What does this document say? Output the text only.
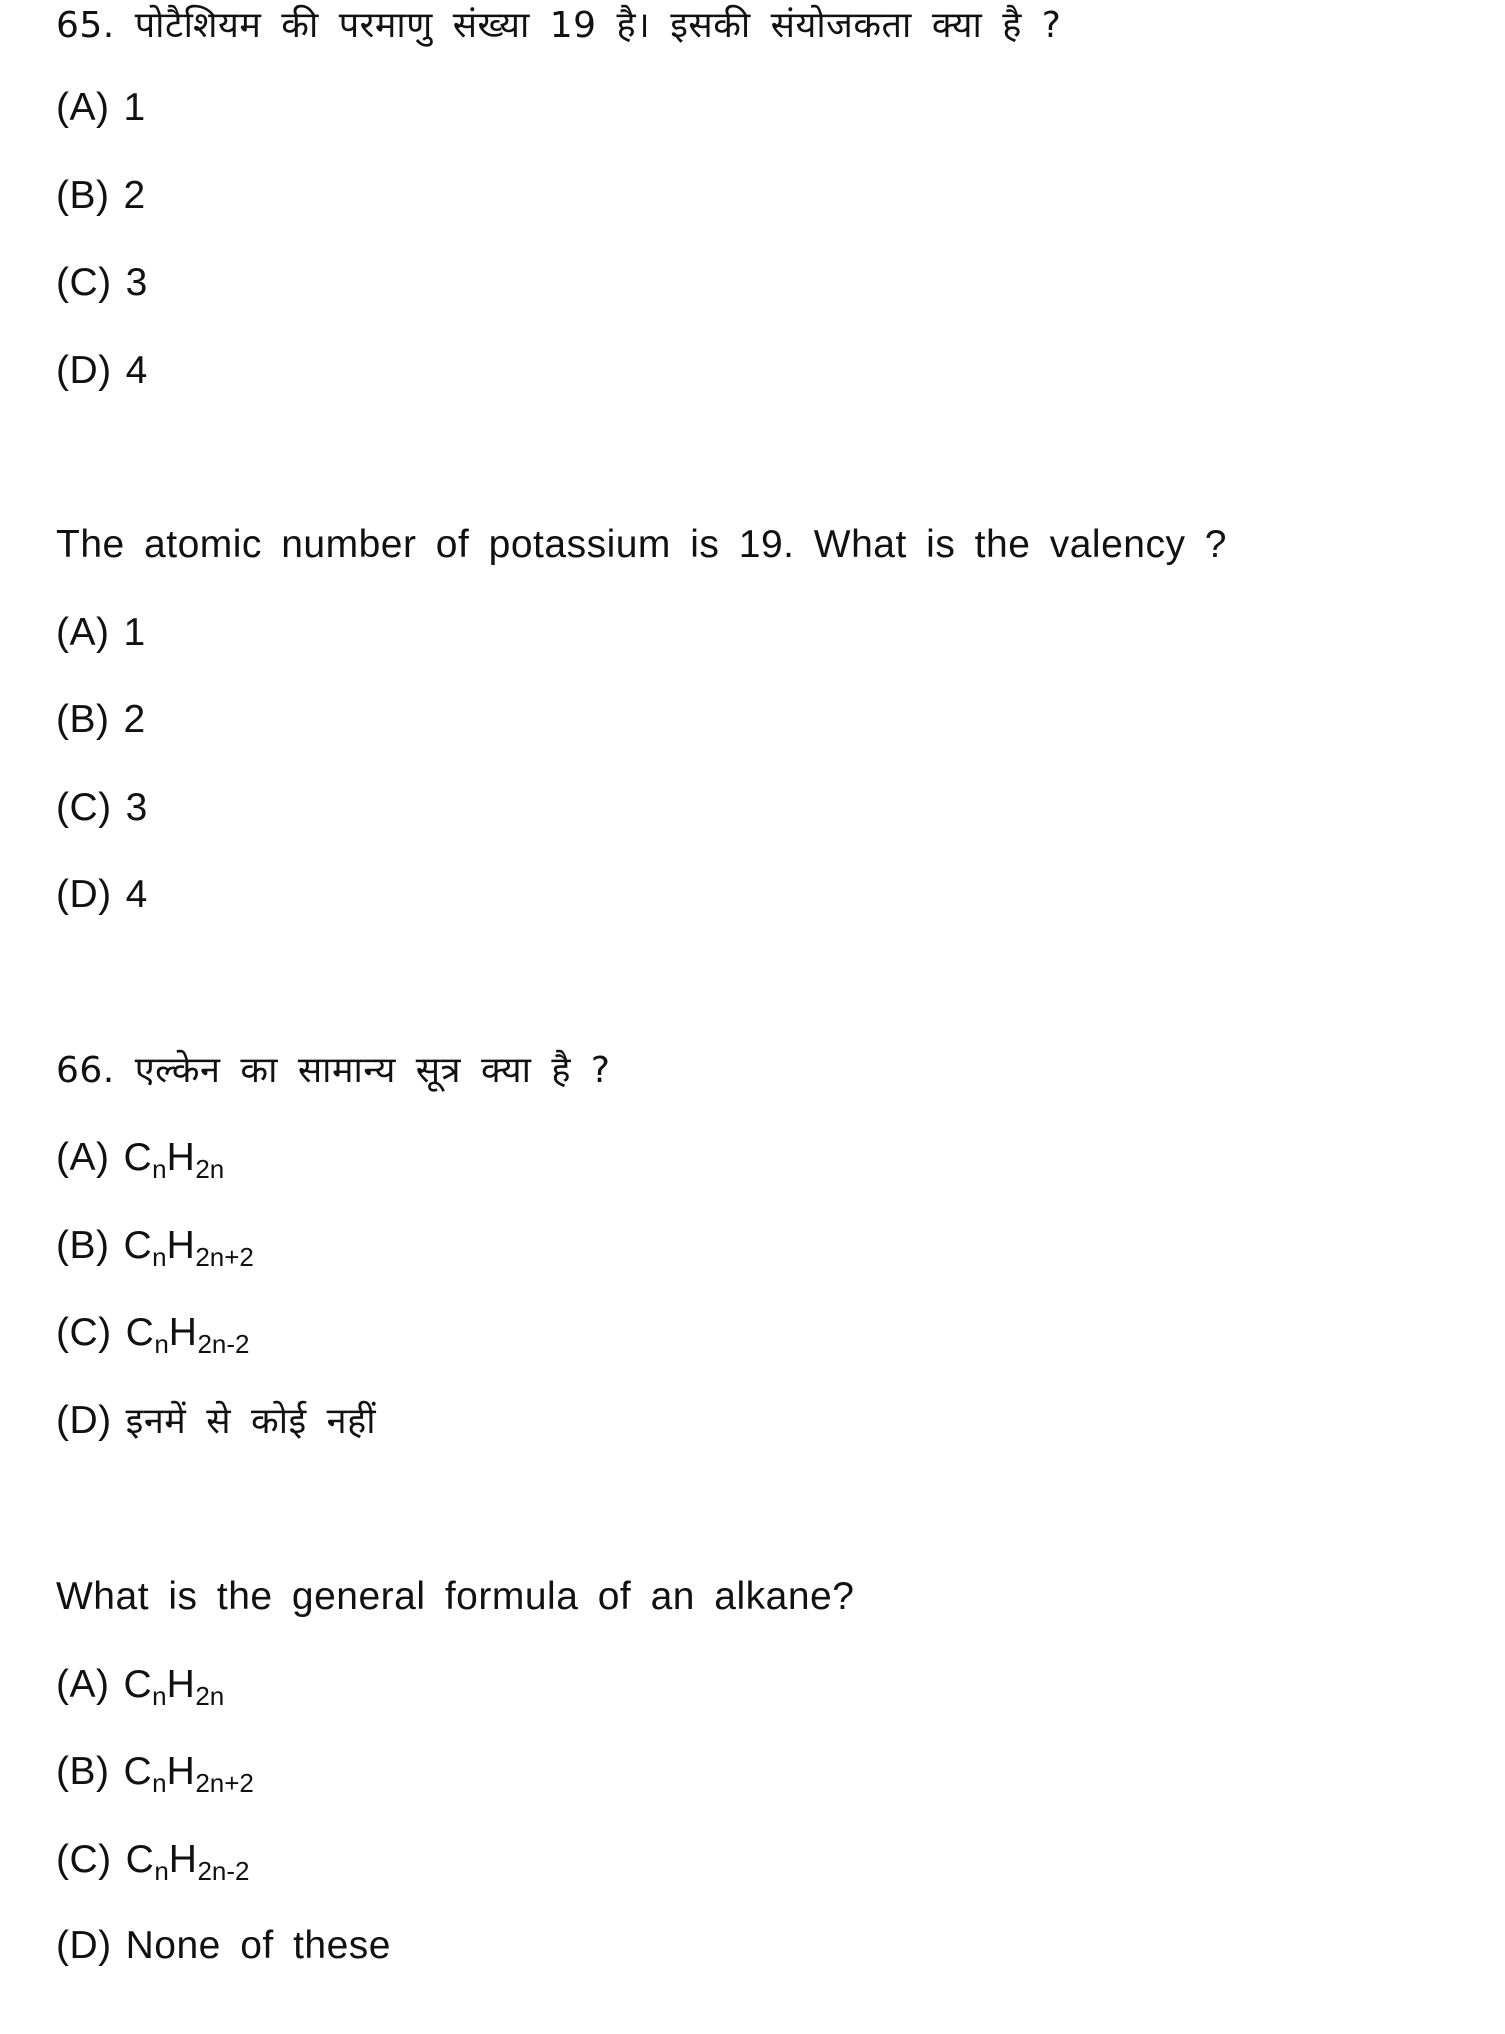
65. पोटैशियम की परमाणु संख्या 19 है। इसकी संयोजकता क्या है ?
(A) 1
(B) 2
(C) 3
(D) 4
The atomic number of potassium is 19. What is the valency ?
(A) 1
(B) 2
(C) 3
(D) 4
66. एल्केन का सामान्य सूत्र क्या है ?
(A) $C_nH_{2n}$
(B) $C_nH_{2n+2}$
(C) $C_nH_{2n-2}$
(D) इनमें से कोई नहीं
What is the general formula of an alkane?
(A) $C_nH_{2n}$
(B) $C_nH_{2n+2}$
(C) $C_nH_{2n-2}$
(D) None of these
